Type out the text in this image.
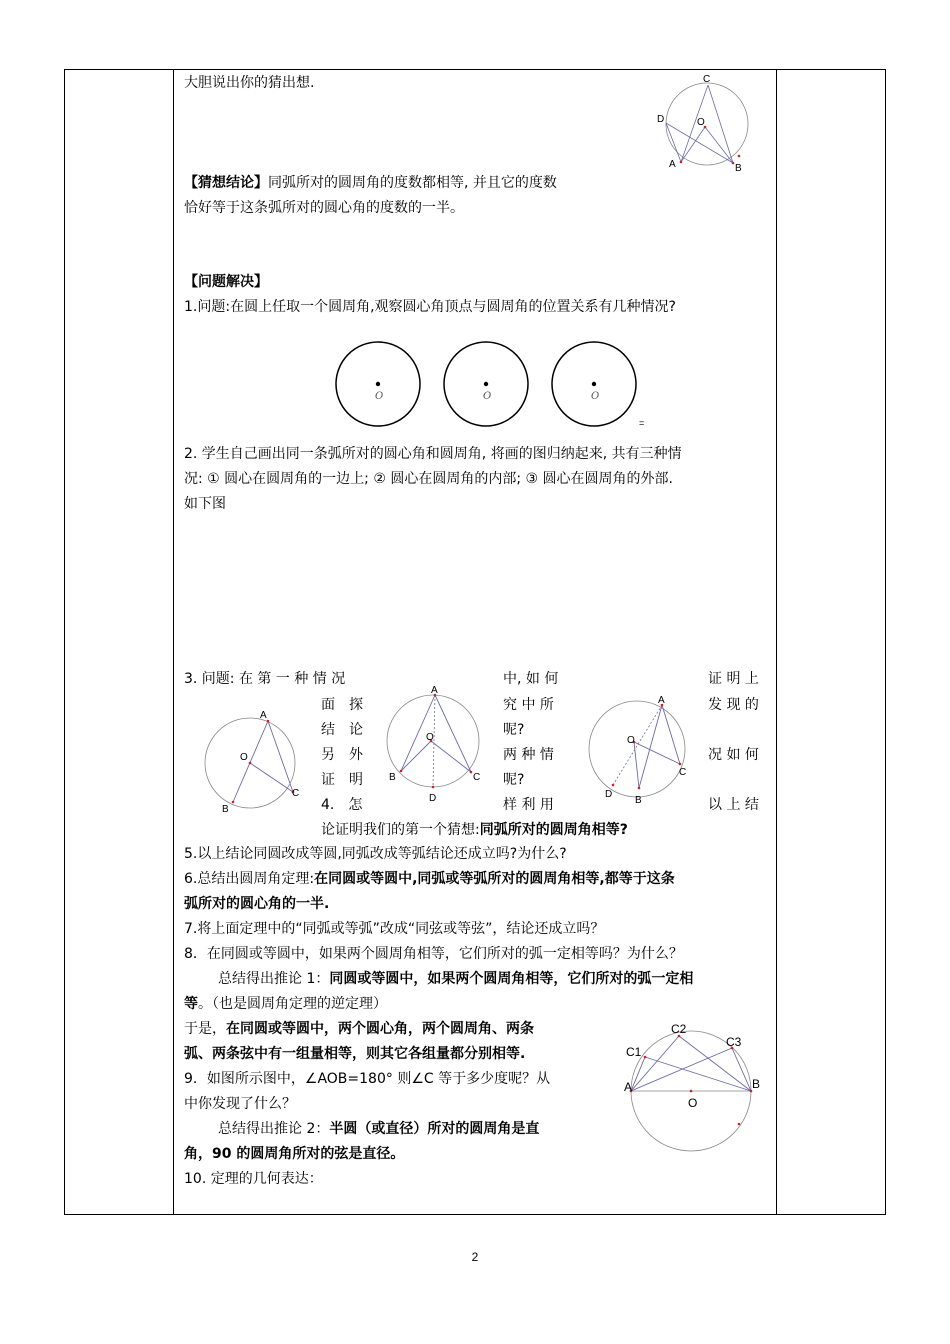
大胆说出你的猜出想.	C
D	O
A	B
【猜想结论】同弧所对的圆周角的度数都相等, 并且它的度数
恰好等于这条弧所对的圆心角的度数的一半。
【问题解决】
1.问题:在圆上任取一个圆周角,观察圆心角顶点与圆周角的位置关系有几种情况?
O	O	O
=
2. 学生自己画出同一条弧所对的圆心角和圆周角, 将画的图归纳起来, 共有三种情
况: ① 圆心在圆周角的一边上; ② 圆心在圆周角的内部; ③ 圆心在圆周角的外部.
如下图
3. 问题: 在 第 一 种 情 况
面　探
结　论
另　外
证　明
4.　怎
中, 如 何
究 中 所
呢?
两 种 情
呢?
样 利 用
证 明 上
发 现 的
况 如 何
以 上 结
A
O
B
C
A
O
B	C
D
A
O
C
D
B
论证明我们的第一个猜想:同弧所对的圆周角相等?
5.以上结论同圆改成等圆,同弧改成等弧结论还成立吗?为什么?
6.总结出圆周角定理:在同圆或等圆中,同弧或等弧所对的圆周角相等,都等于这条
弧所对的圆心角的一半.
7.将上面定理中的“同弧或等弧”改成“同弦或等弦”，结论还成立吗？
8．在同圆或等圆中，如果两个圆周角相等，它们所对的弧一定相等吗？为什么？
总结得出推论 1：同圆或等圆中，如果两个圆周角相等，它们所对的弧一定相
等。（也是圆周角定理的逆定理）
于是，在同圆或等圆中，两个圆心角，两个圆周角、两条
弧、两条弦中有一组量相等，则其它各组量都分别相等.
9．如图所示图中，∠AOB=180° 则∠C 等于多少度呢？从
中你发现了什么？
总结得出推论 2：半圆（或直径）所对的圆周角是直
角，90 的圆周角所对的弦是直径。
10. 定理的几何表达：
C2
C3
C1
A	B
O
2
